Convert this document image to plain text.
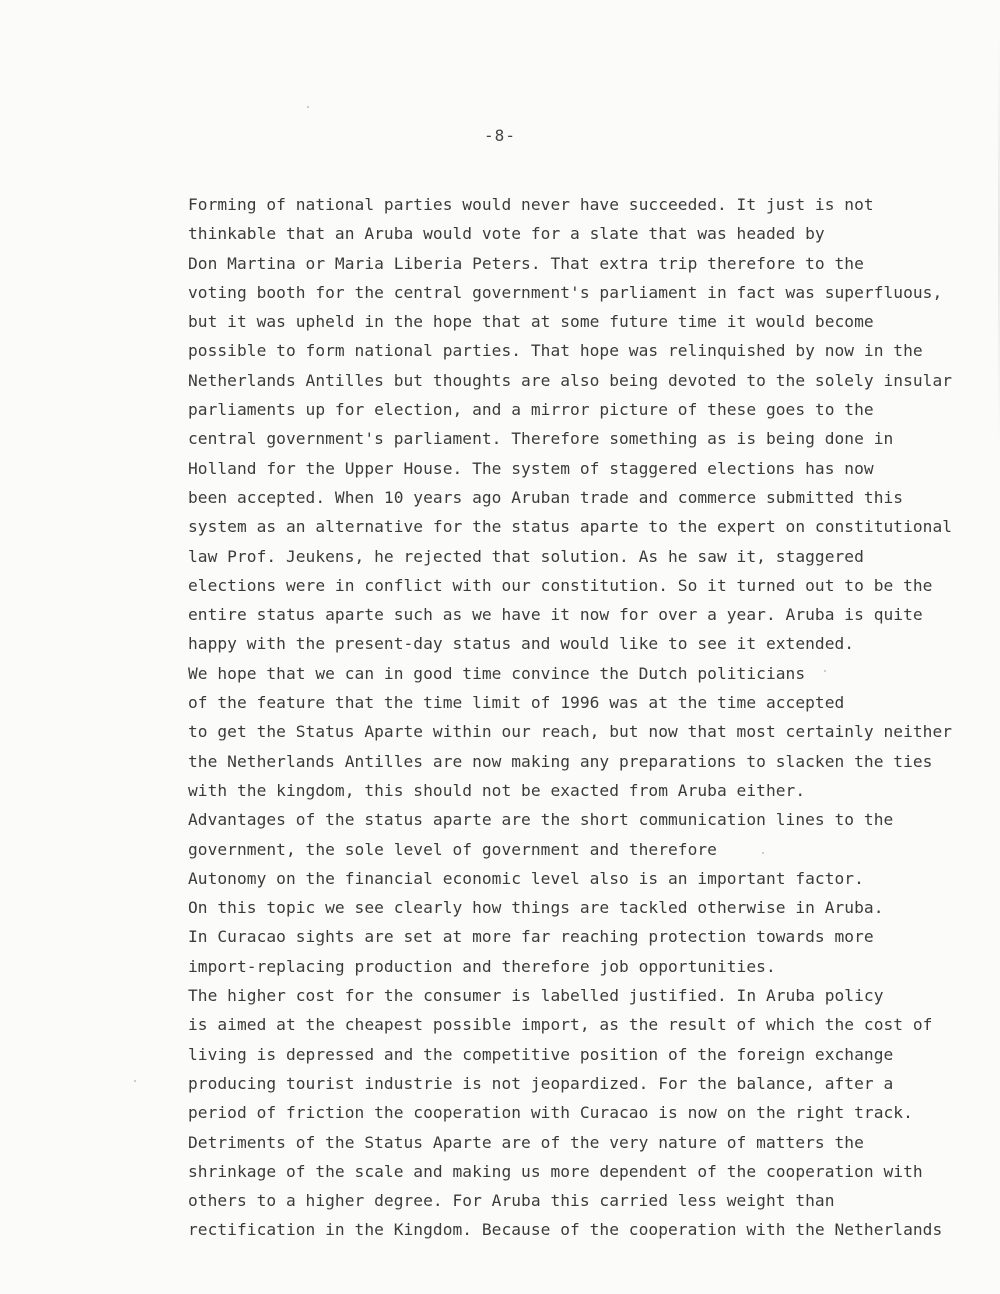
-8-
Forming of national parties would never have succeeded. It just is not
thinkable that an Aruba would vote for a slate that was headed by
Don Martina or Maria Liberia Peters. That extra trip therefore to the
voting booth for the central government's parliament in fact was superfluous,
but it was upheld in the hope that at some future time it would become
possible to form national parties. That hope was relinquished by now in the
Netherlands Antilles but thoughts are also being devoted to the solely insular
parliaments up for election, and a mirror picture of these goes to the
central government's parliament. Therefore something as is being done in
Holland for the Upper House. The system of staggered elections has now
been accepted. When 10 years ago Aruban trade and commerce submitted this
system as an alternative for the status aparte to the expert on constitutional
law Prof. Jeukens, he rejected that solution. As he saw it, staggered
elections were in conflict with our constitution. So it turned out to be the
entire status aparte such as we have it now for over a year. Aruba is quite
happy with the present-day status and would like to see it extended.
We hope that we can in good time convince the Dutch politicians
of the feature that the time limit of 1996 was at the time accepted
to get the Status Aparte within our reach, but now that most certainly neither
the Netherlands Antilles are now making any preparations to slacken the ties
with the kingdom, this should not be exacted from Aruba either.
Advantages of the status aparte are the short communication lines to the
government, the sole level of government and therefore
Autonomy on the financial economic level also is an important factor.
On this topic we see clearly how things are tackled otherwise in Aruba.
In Curacao sights are set at more far reaching protection towards more
import-replacing production and therefore job opportunities.
The higher cost for the consumer is labelled justified. In Aruba policy
is aimed at the cheapest possible import, as the result of which the cost of
living is depressed and the competitive position of the foreign exchange
producing tourist industrie is not jeopardized. For the balance, after a
period of friction the cooperation with Curacao is now on the right track.
Detriments of the Status Aparte are of the very nature of matters the
shrinkage of the scale and making us more dependent of the cooperation with
others to a higher degree. For Aruba this carried less weight than
rectification in the Kingdom. Because of the cooperation with the Netherlands
